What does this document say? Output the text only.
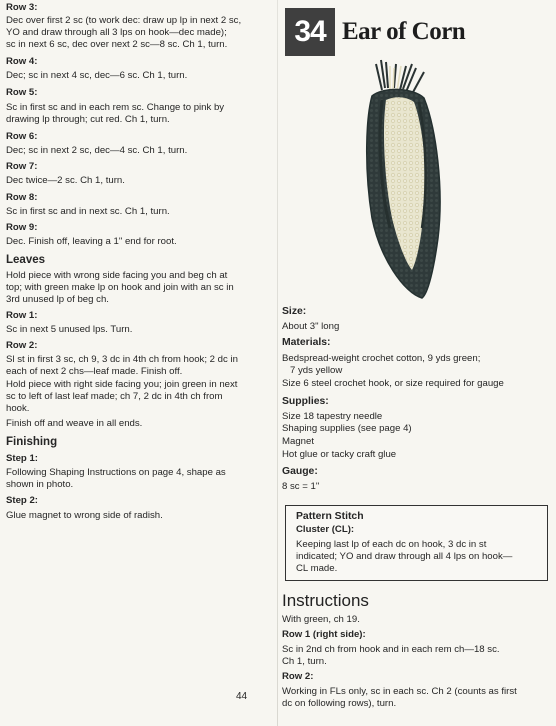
Row 3:
Dec over first 2 sc (to work dec: draw up lp in next 2 sc,
YO and draw through all 3 lps on hook—dec made);
sc in next 6 sc, dec over next 2 sc—8 sc. Ch 1, turn.
Row 4:
Dec; sc in next 4 sc, dec—6 sc. Ch 1, turn.
Row 5:
Sc in first sc and in each rem sc. Change to pink by
drawing lp through; cut red. Ch 1, turn.
Row 6:
Dec; sc in next 2 sc, dec—4 sc. Ch 1, turn.
Row 7:
Dec twice—2 sc. Ch 1, turn.
Row 8:
Sc in first sc and in next sc. Ch 1, turn.
Row 9:
Dec. Finish off, leaving a 1" end for root.
Leaves
Hold piece with wrong side facing you and beg ch at
top; with green make lp on hook and join with an sc in
3rd unused lp of beg ch.
Row 1:
Sc in next 5 unused lps. Turn.
Row 2:
Sl st in first 3 sc, ch 9, 3 dc in 4th ch from hook; 2 dc in
each of next 2 chs—leaf made. Finish off.
Hold piece with right side facing you; join green in next
sc to left of last leaf made; ch 7, 2 dc in 4th ch from
hook.
Finish off and weave in all ends.
Finishing
Step 1:
Following Shaping Instructions on page 4, shape as
shown in photo.
Step 2:
Glue magnet to wrong side of radish.
34 Ear of Corn
Size:
About 3" long
Materials:
Bedspread-weight crochet cotton, 9 yds green;
7 yds yellow
Size 6 steel crochet hook, or size required for gauge
Supplies:
Size 18 tapestry needle
Shaping supplies (see page 4)
Magnet
Hot glue or tacky craft glue
Gauge:
8 sc = 1"
Pattern Stitch
Cluster (CL):
Keeping last lp of each dc on hook, 3 dc in st
indicated; YO and draw through all 4 lps on hook—
CL made.
Instructions
With green, ch 19.
Row 1 (right side):
Sc in 2nd ch from hook and in each rem ch—18 sc.
Ch 1, turn.
Row 2:
Working in FLs only, sc in each sc. Ch 2 (counts as first
dc on following rows), turn.
44
